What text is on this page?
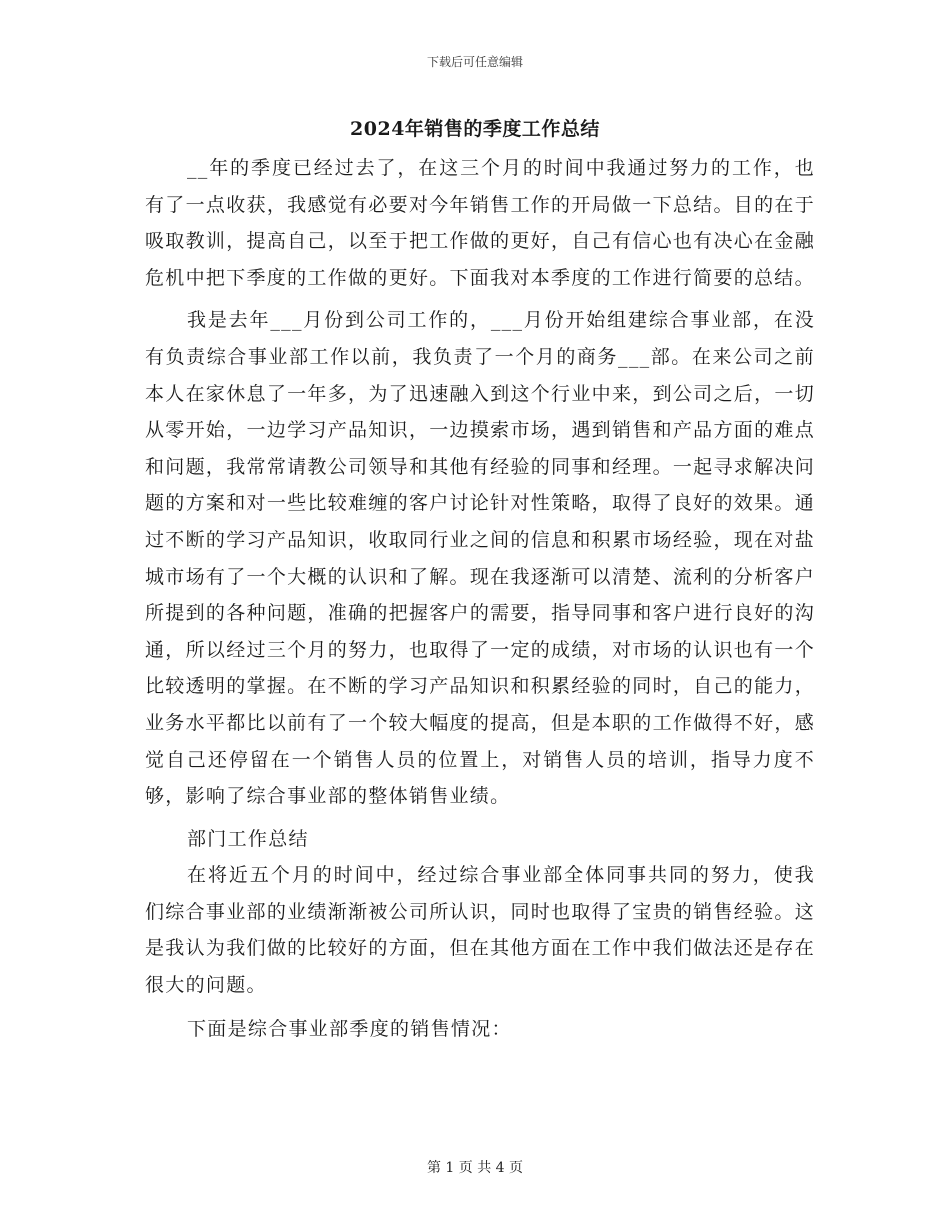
下载后可任意编辑
2024年销售的季度工作总结

__年的季度已经过去了，在这三个月的时间中我通过努力的工作，也有了一点收获，我感觉有必要对今年销售工作的开局做一下总结。目的在于吸取教训，提高自己，以至于把工作做的更好，自己有信心也有决心在金融危机中把下季度的工作做的更好。下面我对本季度的工作进行简要的总结。

我是去年___月份到公司工作的，___月份开始组建综合事业部，在没有负责综合事业部工作以前，我负责了一个月的商务___部。在来公司之前本人在家休息了一年多，为了迅速融入到这个行业中来，到公司之后，一切从零开始，一边学习产品知识，一边摸索市场，遇到销售和产品方面的难点和问题，我常常请教公司领导和其他有经验的同事和经理。一起寻求解决问题的方案和对一些比较难缠的客户讨论针对性策略，取得了良好的效果。通过不断的学习产品知识，收取同行业之间的信息和积累市场经验，现在对盐城市场有了一个大概的认识和了解。现在我逐渐可以清楚、流利的分析客户所提到的各种问题，准确的把握客户的需要，指导同事和客户进行良好的沟通，所以经过三个月的努力，也取得了一定的成绩，对市场的认识也有一个比较透明的掌握。在不断的学习产品知识和积累经验的同时，自己的能力，业务水平都比以前有了一个较大幅度的提高，但是本职的工作做得不好，感觉自己还停留在一个销售人员的位置上，对销售人员的培训，指导力度不够，影响了综合事业部的整体销售业绩。

部门工作总结

在将近五个月的时间中，经过综合事业部全体同事共同的努力，使我们综合事业部的业绩渐渐被公司所认识，同时也取得了宝贵的销售经验。这是我认为我们做的比较好的方面，但在其他方面在工作中我们做法还是存在很大的问题。

下面是综合事业部季度的销售情况：

第 1 页 共 4 页
